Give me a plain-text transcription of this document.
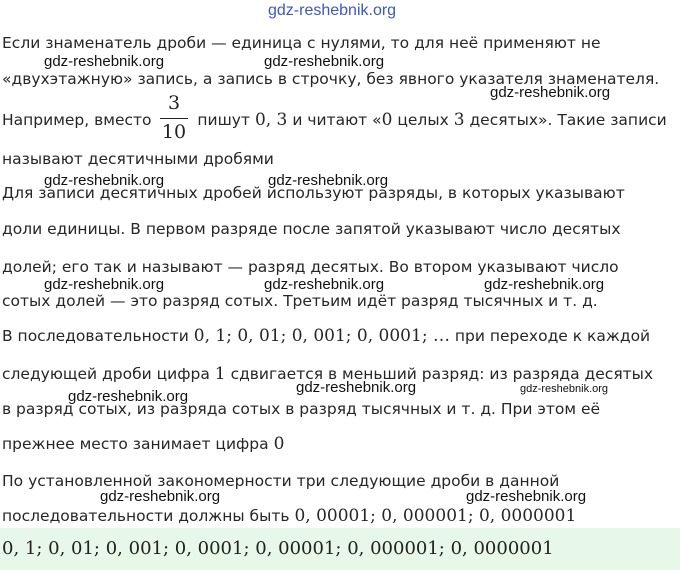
gdz-reshebnik.org
Если знаменатель дроби — единица с нулями, то для неё применяют не
«двухэтажную» запись, а запись в строчку, без явного указателя знаменателя.
Например, вместо	пишут 0, 3 и читают «0 целых 3 десятых». Такие записи
3
10
называют десятичными дробями
Для записи десятичных дробей используют разряды, в которых указывают
доли единицы. В первом разряде после запятой указывают число десятых
долей; его так и называют — разряд десятых. Во втором указывают число
сотых долей — это разряд сотых. Третьим идёт разряд тысячных и т. д.
В последовательности 0, 1; 0, 01; 0, 001; 0, 0001; … при переходе к каждой
следующей дроби цифра 1 сдвигается в меньший разряд: из разряда десятых
в разряд сотых, из разряда сотых в разряд тысячных и т. д. При этом её
прежнее место занимает цифра 0
По установленной закономерности три следующие дроби в данной
последовательности должны быть 0, 00001; 0, 000001; 0, 0000001
0, 1; 0, 01; 0, 001; 0, 0001; 0, 00001; 0, 000001; 0, 0000001
gdz-reshebnik.org	gdz-reshebnik.org
gdz-reshebnik.org
gdz-reshebnik.org	gdz-reshebnik.org
gdz-reshebnik.org	gdz-reshebnik.org	gdz-reshebnik.org
gdz-reshebnik.org	gdz-reshebnik.org
gdz-reshebnik.org
gdz-reshebnik.org	gdz-reshebnik.org
